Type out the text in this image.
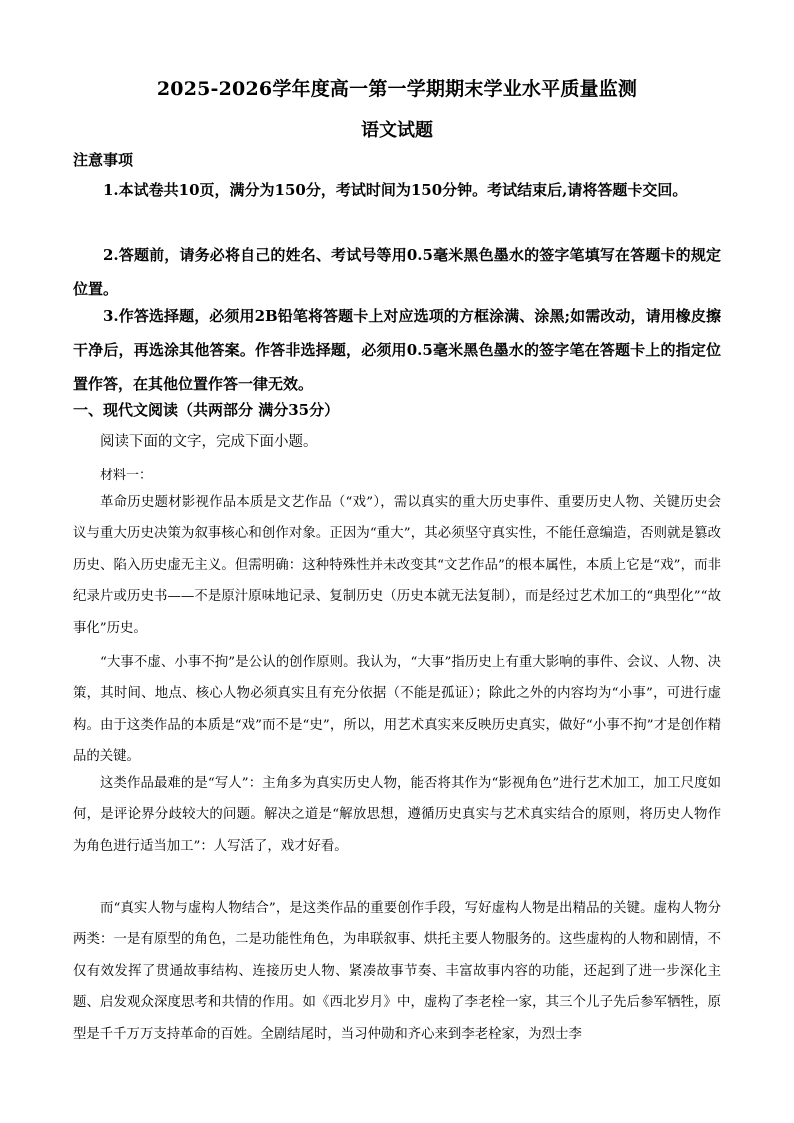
2025-2026学年度高一第一学期期末学业水平质量监测
语文试题
注意事项
1.本试卷共10页，满分为150分，考试时间为150分钟。考试结束后,请将答题卡交回。
2.答题前，请务必将自己的姓名、考试号等用0.5毫米黑色墨水的签字笔填写在答题卡的规定位置。
3.作答选择题，必须用2B铅笔将答题卡上对应选项的方框涂满、涂黑;如需改动，请用橡皮擦干净后，再选涂其他答案。作答非选择题，必须用0.5毫米黑色墨水的签字笔在答题卡上的指定位置作答，在其他位置作答一律无效。
一、现代文阅读（共两部分 满分35分）
阅读下面的文字，完成下面小题。
材料一：
革命历史题材影视作品本质是文艺作品（“戏”），需以真实的重大历史事件、重要历史人物、关键历史会议与重大历史决策为叙事核心和创作对象。正因为“重大”，其必须坚守真实性，不能任意编造，否则就是篡改历史、陷入历史虚无主义。但需明确：这种特殊性并未改变其“文艺作品”的根本属性，本质上它是“戏”，而非纪录片或历史书——不是原汁原味地记录、复制历史（历史本就无法复制），而是经过艺术加工的“典型化”“故事化”历史。
“大事不虚、小事不拘”是公认的创作原则。我认为，“大事”指历史上有重大影响的事件、会议、人物、决策，其时间、地点、核心人物必须真实且有充分依据（不能是孤证）；除此之外的内容均为“小事”，可进行虚构。由于这类作品的本质是“戏”而不是“史”，所以，用艺术真实来反映历史真实，做好“小事不拘”才是创作精品的关键。
这类作品最难的是“写人”：主角多为真实历史人物，能否将其作为“影视角色”进行艺术加工，加工尺度如何，是评论界分歧较大的问题。解决之道是“解放思想，遵循历史真实与艺术真实结合的原则，将历史人物作为角色进行适当加工”：人写活了，戏才好看。
而“真实人物与虚构人物结合”，是这类作品的重要创作手段，写好虚构人物是出精品的关键。虚构人物分两类：一是有原型的角色，二是功能性角色，为串联叙事、烘托主要人物服务的。这些虚构的人物和剧情，不仅有效发挥了贯通故事结构、连接历史人物、紧凑故事节奏、丰富故事内容的功能，还起到了进一步深化主题、启发观众深度思考和共情的作用。如《西北岁月》中，虚构了李老栓一家，其三个儿子先后参军牺牲，原型是千千万万支持革命的百姓。全剧结尾时，当习仲勋和齐心来到李老栓家，为烈士李
